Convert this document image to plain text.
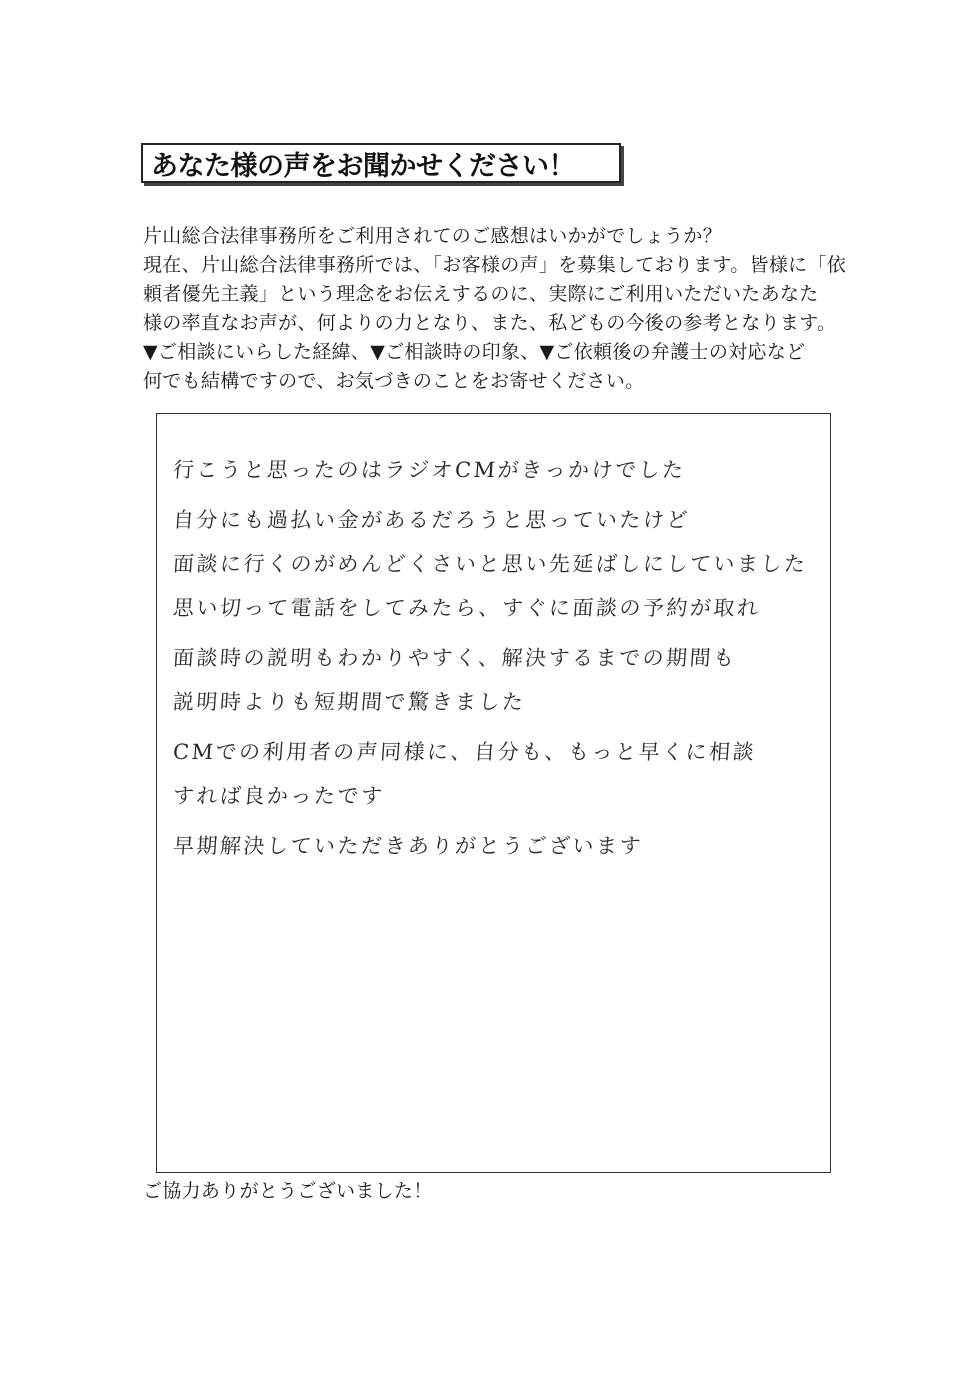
あなた様の声をお聞かせください！
片山総合法律事務所をご利用されてのご感想はいかがでしょうか？
現在、片山総合法律事務所では、「お客様の声」を募集しております。皆様に「依
頼者優先主義」という理念をお伝えするのに、実際にご利用いただいたあなた
様の率直なお声が、何よりの力となり、また、私どもの今後の参考となります。
▼ご相談にいらした経緯、▼ご相談時の印象、▼ご依頼後の弁護士の対応など
何でも結構ですので、お気づきのことをお寄せください。
行こうと思ったのはラジオCMがきっかけでした
自分にも過払い金があるだろうと思っていたけど
面談に行くのがめんどくさいと思い先延ばしにしていました
思い切って電話をしてみたら、すぐに面談の予約が取れ
面談時の説明もわかりやすく、解決するまでの期間も
説明時よりも短期間で驚きました
CMでの利用者の声同様に、自分も、もっと早くに相談
すれば良かったです
早期解決していただきありがとうございます
ご協力ありがとうございました！
